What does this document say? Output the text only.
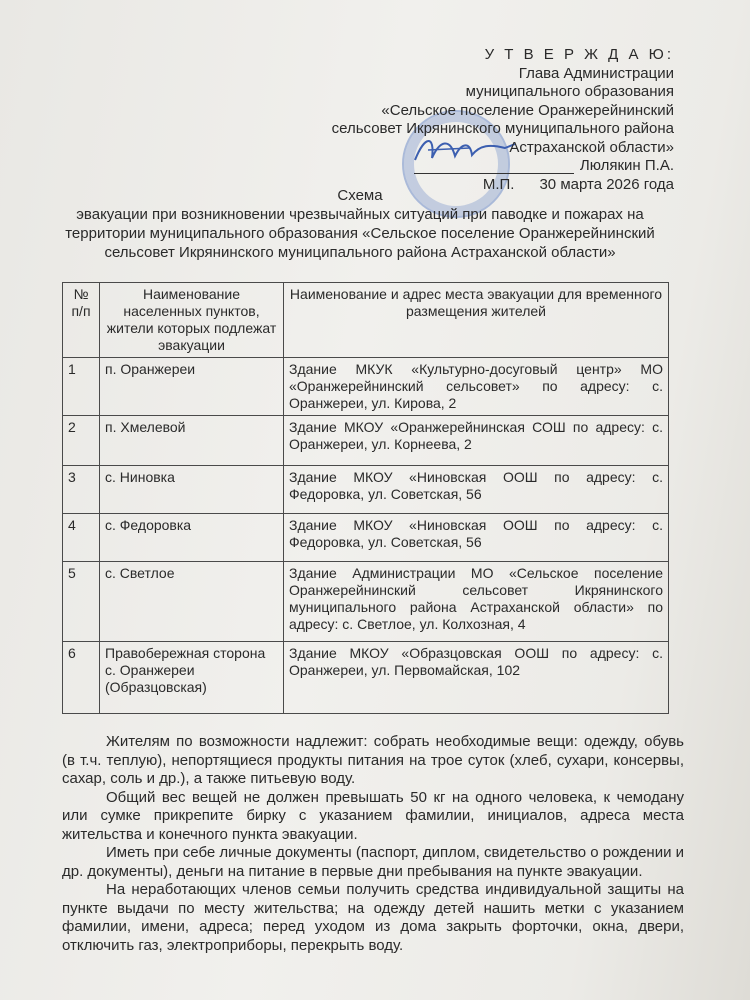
У Т В Е Р Ж Д А Ю:
Глава Администрации
муниципального образования
«Сельское поселение Оранжерейнинский
сельсовет Икрянинского муниципального района
Астраханской области»
Люлякин П.А.
М.П. 30 марта 2026 года
Схема
эвакуации при возникновении чрезвычайных ситуаций при паводке и пожарах на территории муниципального образования «Сельское поселение Оранжерейнинский сельсовет Икрянинского муниципального района Астраханской области»
№ п/п	Наименование населенных пунктов, жители которых подлежат эвакуации	Наименование и адрес места эвакуации для временного размещения жителей
1	п. Оранжереи	Здание МКУК «Культурно-досуговый центр» МО «Оранжерейнинский сельсовет» по адресу: с. Оранжереи, ул. Кирова, 2
2	п. Хмелевой	Здание МКОУ «Оранжерейнинская СОШ по адресу: с. Оранжереи, ул. Корнеева, 2
3	с. Ниновка	Здание МКОУ «Ниновская ООШ по адресу: с. Федоровка, ул. Советская, 56
4	с. Федоровка	Здание МКОУ «Ниновская ООШ по адресу: с. Федоровка, ул. Советская, 56
5	с. Светлое	Здание Администрации МО «Сельское поселение Оранжерейнинский сельсовет Икрянинского муниципального района Астраханской области» по адресу: с. Светлое, ул. Колхозная, 4
6	Правобережная сторона с. Оранжереи (Образцовская)	Здание МКОУ «Образцовская ООШ по адресу: с. Оранжереи, ул. Первомайская, 102

Жителям по возможности надлежит: собрать необходимые вещи: одежду, обувь (в т.ч. теплую), непортящиеся продукты питания на трое суток (хлеб, сухари, консервы, сахар, соль и др.), а также питьевую воду.

Общий вес вещей не должен превышать 50 кг на одного человека, к чемодану или сумке прикрепите бирку с указанием фамилии, инициалов, адреса места жительства и конечного пункта эвакуации.

Иметь при себе личные документы (паспорт, диплом, свидетельство о рождении и др. документы), деньги на питание в первые дни пребывания на пункте эвакуации.

На неработающих членов семьи получить средства индивидуальной защиты на пункте выдачи по месту жительства; на одежду детей нашить метки с указанием фамилии, имени, адреса; перед уходом из дома закрыть форточки, окна, двери, отключить газ, электроприборы, перекрыть воду.
